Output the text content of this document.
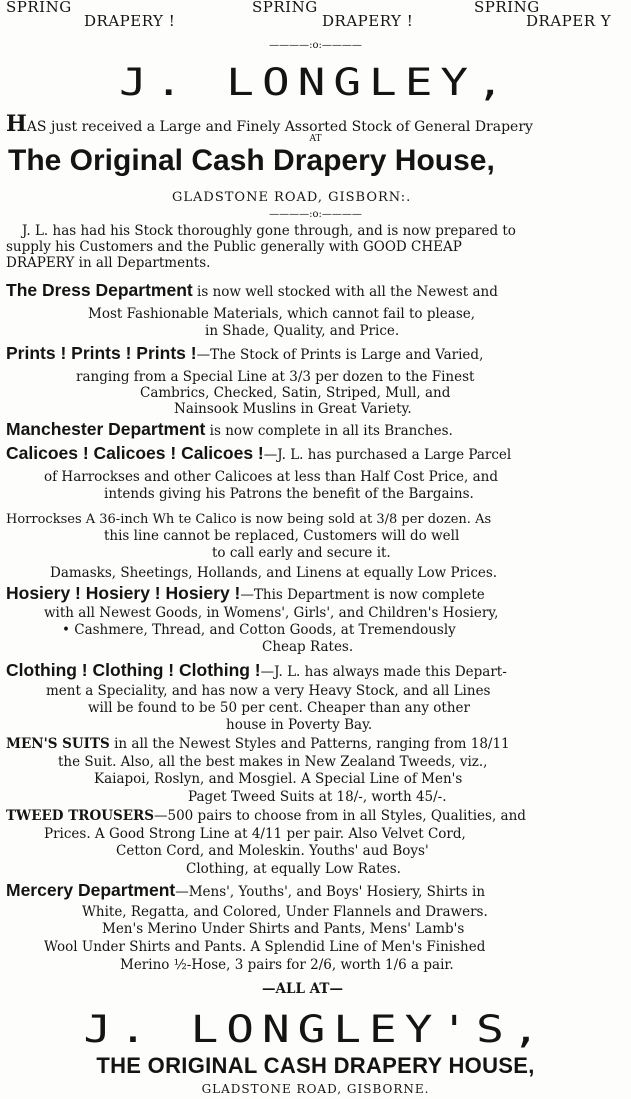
SPRING
DRAPERY !
SPRING
DRAPERY !
SPRING
DRAPER Y
————:o:————
J. LONGLEY,
HAS just received a Large and Finely Assorted Stock of General Drapery
AT
The Original Cash Drapery House,
GLADSTONE ROAD, GISBORN:.
————:o:————
J. L. has had his Stock thoroughly gone through, and is now prepared to
supply his Customers and the Public generally with GOOD CHEAP
DRAPERY in all Departments.
The Dress Department is now well stocked with all the Newest and
Most Fashionable Materials, which cannot fail to please,
in Shade, Quality, and Price.
Prints ! Prints ! Prints !—The Stock of Prints is Large and Varied,
ranging from a Special Line at 3/3 per dozen to the Finest
Cambrics, Checked, Satin, Striped, Mull, and
Nainsook Muslins in Great Variety.
Manchester Department is now complete in all its Branches.
Calicoes ! Calicoes ! Calicoes !—J. L. has purchased a Large Parcel
of Harrockses and other Calicoes at less than Half Cost Price, and
intends giving his Patrons the benefit of the Bargains.
Horrockses A 36-inch Wh te Calico is now being sold at 3/8 per dozen. As
this line cannot be replaced, Customers will do well
to call early and secure it.
Damasks, Sheetings, Hollands, and Linens at equally Low Prices.
Hosiery ! Hosiery ! Hosiery !—This Department is now complete
with all Newest Goods, in Womens', Girls', and Children's Hosiery,
• Cashmere, Thread, and Cotton Goods, at Tremendously
Cheap Rates.
Clothing ! Clothing ! Clothing !—J. L. has always made this Depart-
ment a Speciality, and has now a very Heavy Stock, and all Lines
will be found to be 50 per cent. Cheaper than any other
house in Poverty Bay.
MEN'S SUITS in all the Newest Styles and Patterns, ranging from 18/11
the Suit. Also, all the best makes in New Zealand Tweeds, viz.,
Kaiapoi, Roslyn, and Mosgiel. A Special Line of Men's
Paget Tweed Suits at 18/-, worth 45/-.
TWEED TROUSERS—500 pairs to choose from in all Styles, Qualities, and
Prices. A Good Strong Line at 4/11 per pair. Also Velvet Cord,
Cetton Cord, and Moleskin. Youths' aud Boys'
Clothing, at equally Low Rates.
Mercery Department—Mens', Youths', and Boys' Hosiery, Shirts in
White, Regatta, and Colored, Under Flannels and Drawers.
Men's Merino Under Shirts and Pants, Mens' Lamb's
Wool Under Shirts and Pants. A Splendid Line of Men's Finished
Merino ½-Hose, 3 pairs for 2/6, worth 1/6 a pair.
—ALL AT—
J. LONGLEY'S,
THE ORIGINAL CASH DRAPERY HOUSE,
GLADSTONE ROAD, GISBORNE.
